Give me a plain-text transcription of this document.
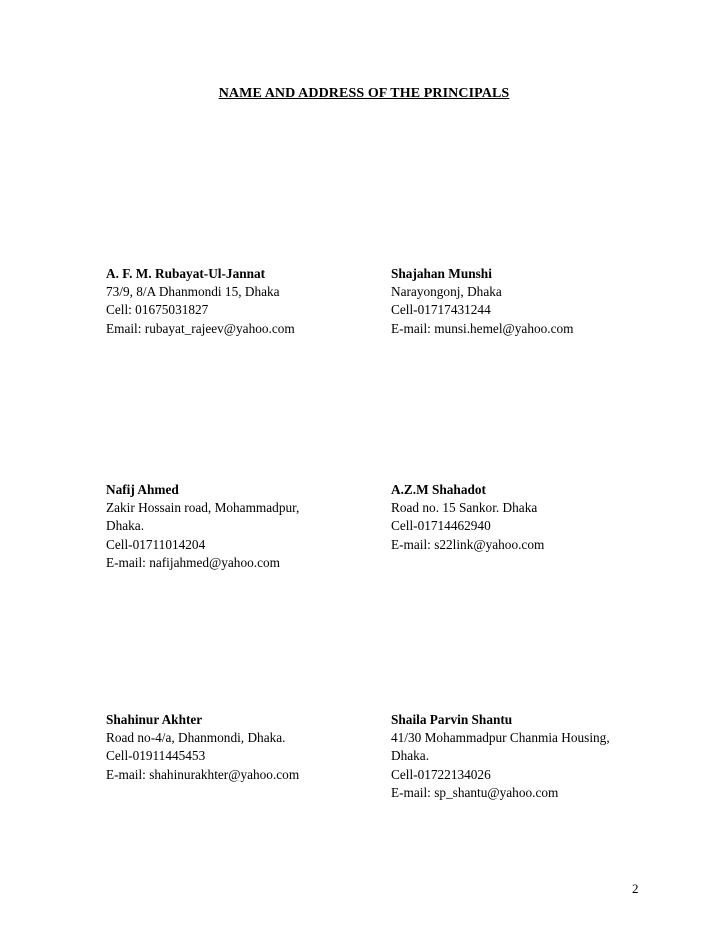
NAME AND ADDRESS OF THE PRINCIPALS
A. F. M. Rubayat-Ul-Jannat
73/9, 8/A Dhanmondi 15, Dhaka
Cell: 01675031827
Email: rubayat_rajeev@yahoo.com
Shajahan Munshi
Narayongonj, Dhaka
Cell-01717431244
E-mail: munsi.hemel@yahoo.com
Nafij Ahmed
Zakir Hossain road, Mohammadpur,
Dhaka.
Cell-01711014204
E-mail: nafijahmed@yahoo.com
A.Z.M Shahadot
Road no. 15 Sankor. Dhaka
Cell-01714462940
E-mail: s22link@yahoo.com
Shahinur Akhter
Road no-4/a, Dhanmondi, Dhaka.
Cell-01911445453
E-mail: shahinurakhter@yahoo.com
Shaila Parvin Shantu
41/30 Mohammadpur Chanmia Housing,
Dhaka.
Cell-01722134026
E-mail: sp_shantu@yahoo.com
2
